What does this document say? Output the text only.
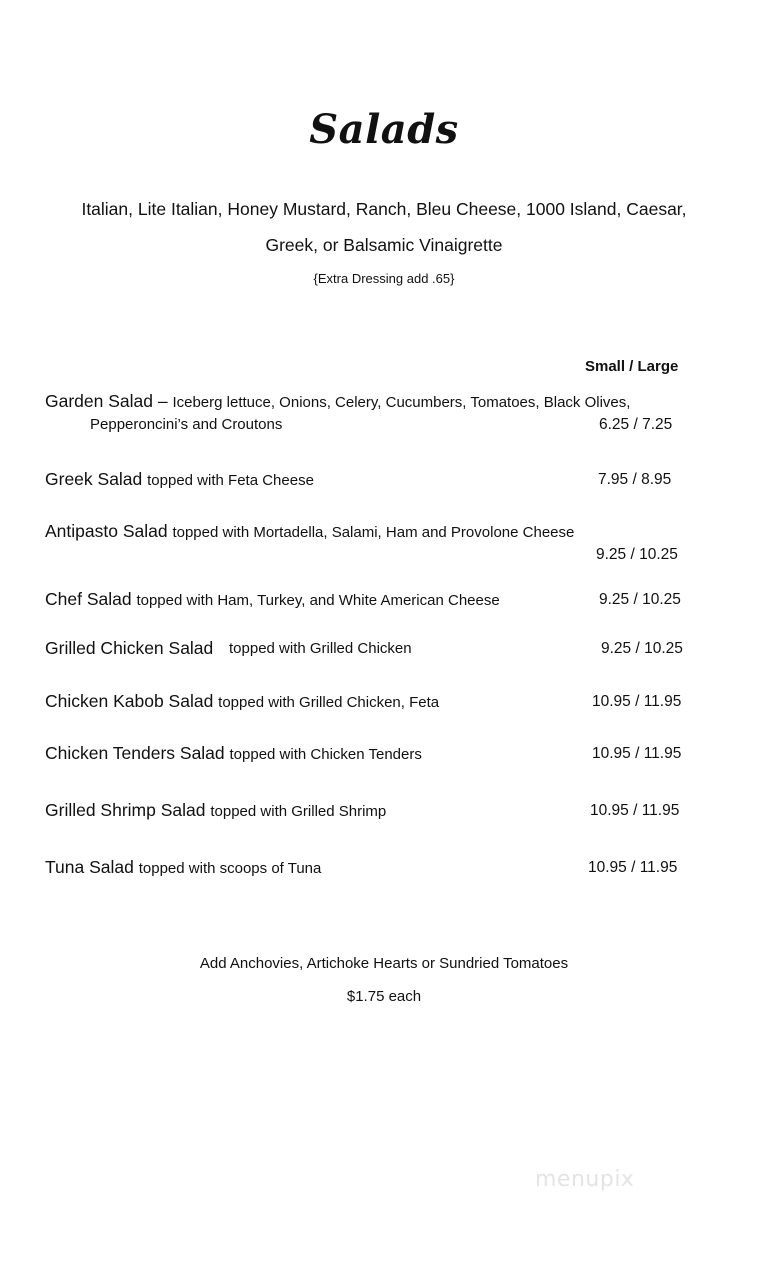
Salads
Italian, Lite Italian, Honey Mustard, Ranch, Bleu Cheese, 1000 Island, Caesar,
Greek, or Balsamic Vinaigrette
{Extra Dressing add .65}
Small / Large
Garden Salad – Iceberg lettuce, Onions, Celery, Cucumbers, Tomatoes, Black Olives,
Pepperoncini’s and Croutons	6.25 / 7.25
Greek Salad topped with Feta Cheese	7.95 / 8.95
Antipasto Salad topped with Mortadella, Salami, Ham and Provolone Cheese
9.25 / 10.25
Chef Salad topped with Ham, Turkey, and White American Cheese	9.25 / 10.25
Grilled Chicken Salad topped with Grilled Chicken	9.25 / 10.25
Chicken Kabob Salad topped with Grilled Chicken, Feta	10.95 / 11.95
Chicken Tenders Salad topped with Chicken Tenders	10.95 / 11.95
Grilled Shrimp Salad topped with Grilled Shrimp	10.95 / 11.95
Tuna Salad topped with scoops of Tuna	10.95 / 11.95
Add Anchovies, Artichoke Hearts or Sundried Tomatoes
$1.75 each
menupix
